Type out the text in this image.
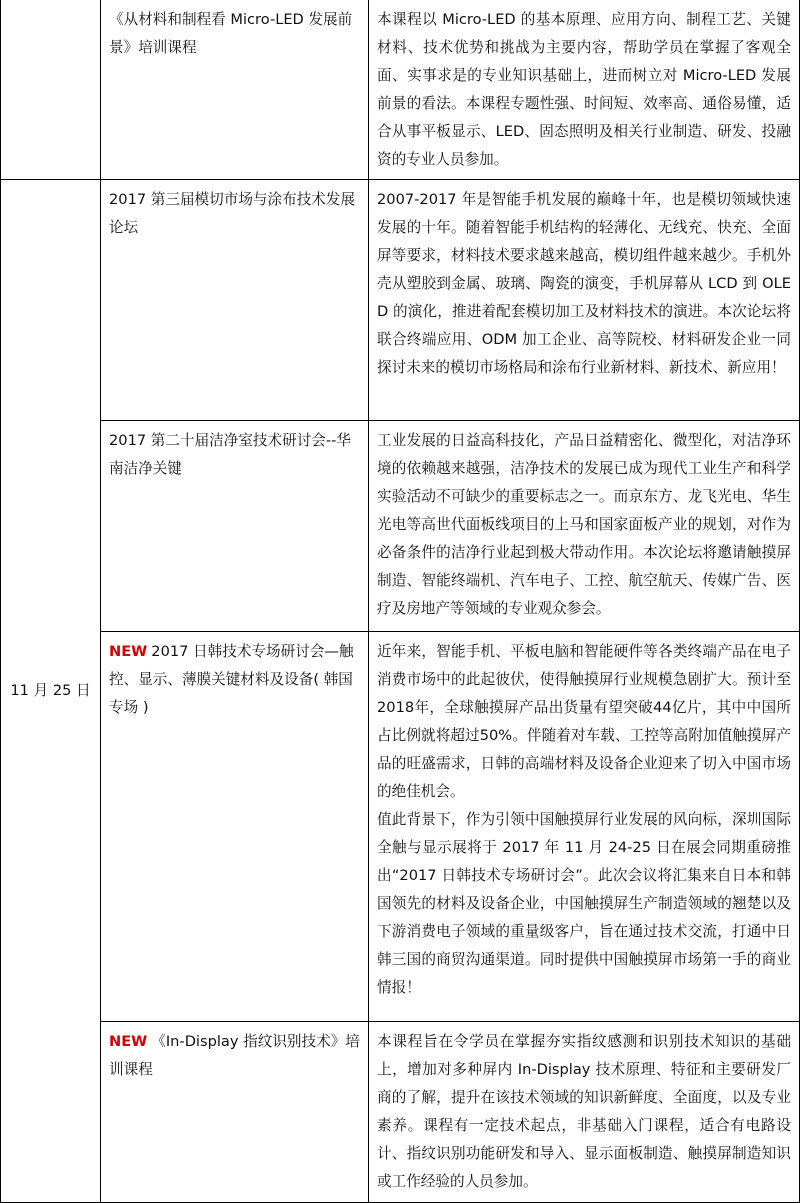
	《从材料和制程看 Micro-LED 发展前景》培训课程	本课程以 Micro-LED 的基本原理、应用方向、制程工艺、关键材料、技术优势和挑战为主要内容，帮助学员在掌握了客观全面、实事求是的专业知识基础上，进而树立对 Micro-LED 发展前景的看法。本课程专题性强、时间短、效率高、通俗易懂，适合从事平板显示、LED、固态照明及相关行业制造、研发、投融资的专业人员参加。

11 月 25 日	2017 第三届模切市场与涂布技术发展论坛	2007-2017 年是智能手机发展的巅峰十年，也是模切领域快速发展的十年。随着智能手机结构的轻薄化、无线充、快充、全面屏等要求，材料技术要求越来越高，模切组件越来越少。手机外壳从塑胶到金属、玻璃、陶瓷的演变，手机屏幕从 LCD 到 OLED 的演化，推进着配套模切加工及材料技术的演进。本次论坛将联合终端应用、ODM 加工企业、高等院校、材料研发企业一同探讨未来的模切市场格局和涂布行业新材料、新技术、新应用！

	2017 第二十届洁净室技术研讨会--华南洁净关键	工业发展的日益高科技化，产品日益精密化、微型化，对洁净环境的依赖越来越强，洁净技术的发展已成为现代工业生产和科学实验活动不可缺少的重要标志之一。而京东方、龙飞光电、华生光电等高世代面板线项目的上马和国家面板产业的规划，对作为必备条件的洁净行业起到极大带动作用。本次论坛将邀请触摸屏制造、智能终端机、汽车电子、工控、航空航天、传媒广告、医疗及房地产等领域的专业观众参会。

	NEW 2017 日韩技术专场研讨会—触控、显示、薄膜关键材料及设备( 韩国专场 )	近年来，智能手机、平板电脑和智能硬件等各类终端产品在电子消费市场中的此起彼伏，使得触摸屏行业规模急剧扩大。预计至2018年，全球触摸屏产品出货量有望突破44亿片，其中中国所占比例就将超过50%。伴随着对车载、工控等高附加值触摸屏产品的旺盛需求，日韩的高端材料及设备企业迎来了切入中国市场的绝佳机会。
值此背景下，作为引领中国触摸屏行业发展的风向标，深圳国际全触与显示展将于 2017 年 11 月 24-25 日在展会同期重磅推出“2017 日韩技术专场研讨会”。此次会议将汇集来自日本和韩国领先的材料及设备企业，中国触摸屏生产制造领域的翘楚以及下游消费电子领域的重量级客户，旨在通过技术交流，打通中日韩三国的商贸沟通渠道。同时提供中国触摸屏市场第一手的商业情报！

	NEW 《In-Display 指纹识别技术》培训课程	本课程旨在令学员在掌握夯实指纹感测和识别技术知识的基础上，增加对多种屏内 In-Display 技术原理、特征和主要研发厂商的了解，提升在该技术领域的知识新鲜度、全面度，以及专业素养。课程有一定技术起点，非基础入门课程，适合有电路设计、指纹识别功能研发和导入、显示面板制造、触摸屏制造知识或工作经验的人员参加。
